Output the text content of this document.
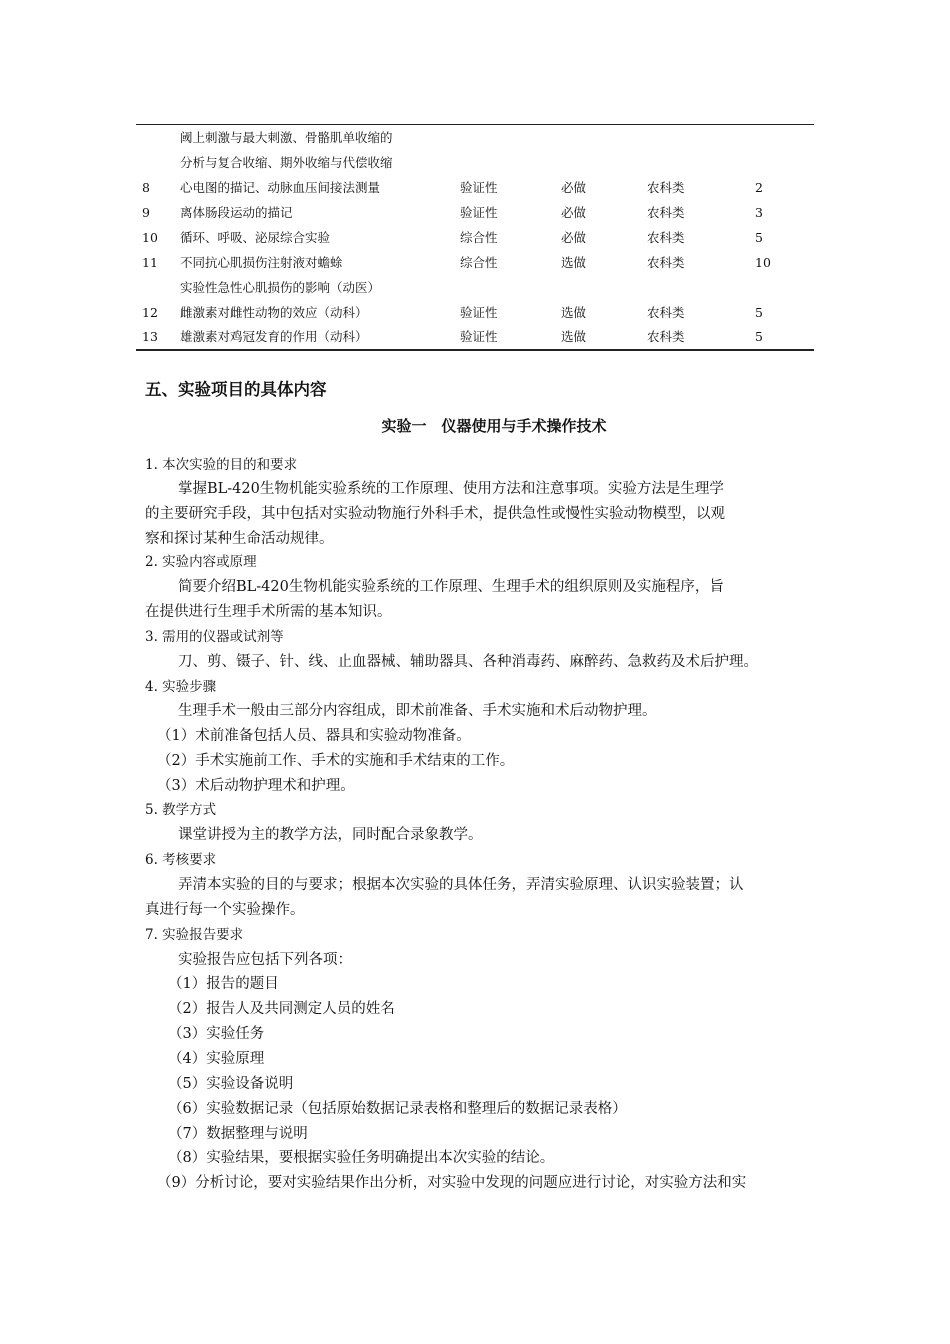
阈上刺激与最大刺激、骨骼肌单收缩的
分析与复合收缩、期外收缩与代偿收缩
8	心电图的描记、动脉血压间接法测量	验证性	必做	农科类	2
9	离体肠段运动的描记	验证性	必做	农科类	3
10	循环、呼吸、泌尿综合实验	综合性	必做	农科类	5
11	不同抗心肌损伤注射液对蟾蜍	综合性	选做	农科类	10
实验性急性心肌损伤的影响（动医）
12	雌激素对雌性动物的效应（动科）	验证性	选做	农科类	5
13	雄激素对鸡冠发育的作用（动科）	验证性	选做	农科类	5
五、实验项目的具体内容
实验一　仪器使用与手术操作技术
1. 本次实验的目的和要求
掌握BL-420生物机能实验系统的工作原理、使用方法和注意事项。实验方法是生理学
的主要研究手段，其中包括对实验动物施行外科手术，提供急性或慢性实验动物模型，以观
察和探讨某种生命活动规律。
2. 实验内容或原理
简要介绍BL-420生物机能实验系统的工作原理、生理手术的组织原则及实施程序，旨
在提供进行生理手术所需的基本知识。
3. 需用的仪器或试剂等
刀、剪、镊子、针、线、止血器械、辅助器具、各种消毒药、麻醉药、急救药及术后护理。
4. 实验步骤
生理手术一般由三部分内容组成，即术前准备、手术实施和术后动物护理。
（1）术前准备包括人员、器具和实验动物准备。
（2）手术实施前工作、手术的实施和手术结束的工作。
（3）术后动物护理术和护理。
5. 教学方式
课堂讲授为主的教学方法，同时配合录象教学。
6. 考核要求
弄清本实验的目的与要求；根据本次实验的具体任务，弄清实验原理、认识实验装置；认
真进行每一个实验操作。
7. 实验报告要求
实验报告应包括下列各项：
（1）报告的题目
（2）报告人及共同测定人员的姓名
（3）实验任务
（4）实验原理
（5）实验设备说明
（6）实验数据记录（包括原始数据记录表格和整理后的数据记录表格）
（7）数据整理与说明
（8）实验结果，要根据实验任务明确提出本次实验的结论。
（9）分析讨论，要对实验结果作出分析，对实验中发现的问题应进行讨论，对实验方法和实
